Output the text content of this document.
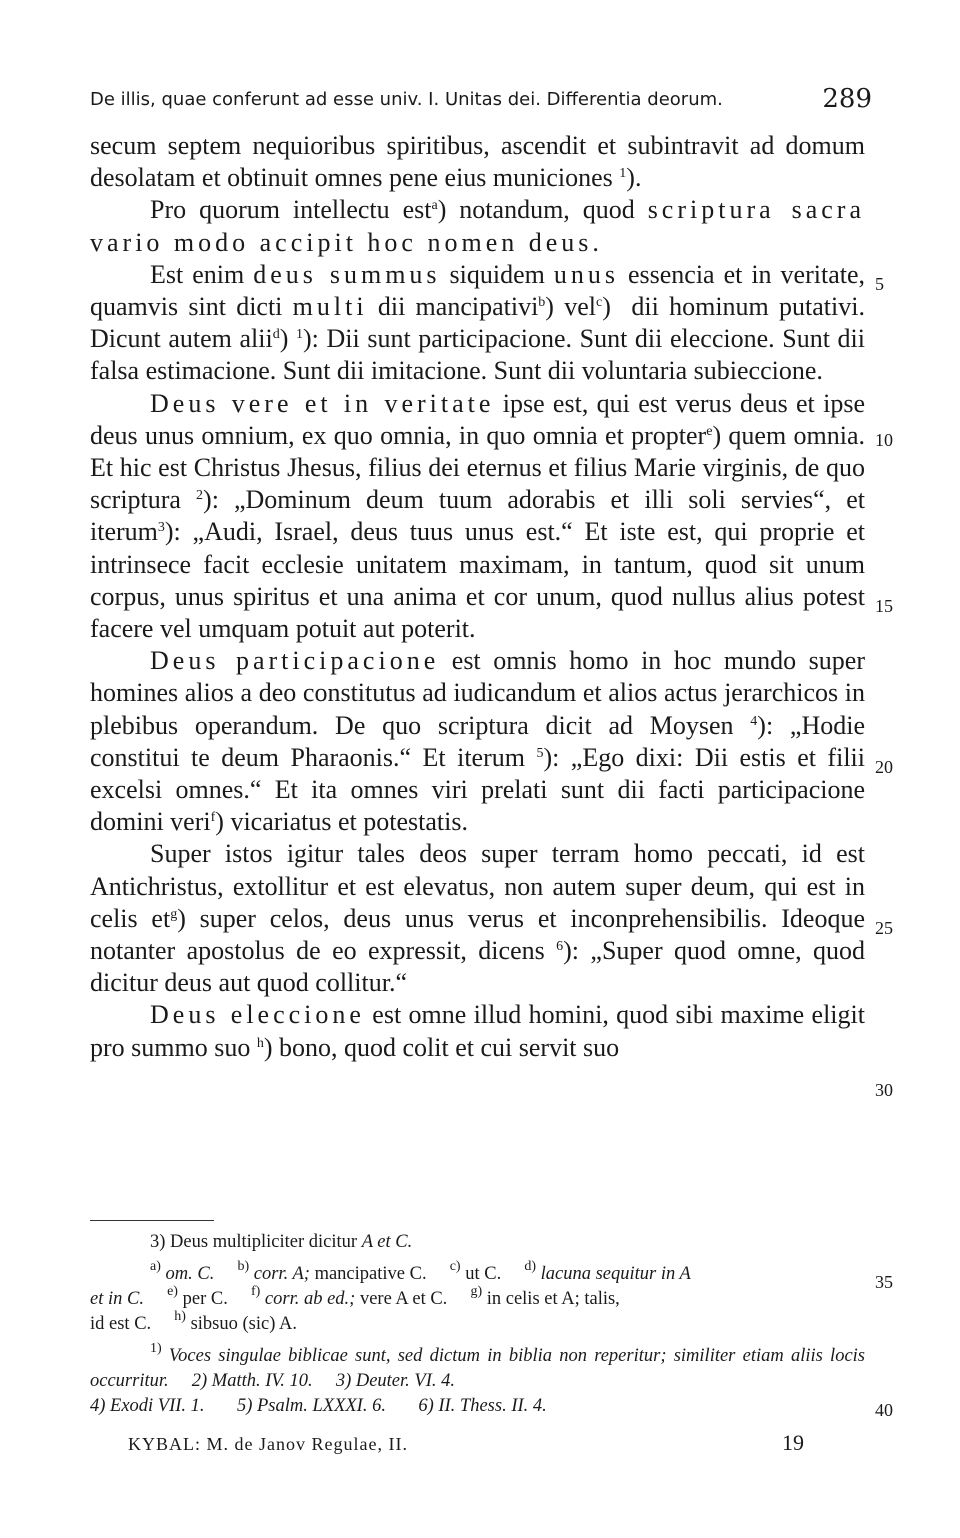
De illis, quae conferunt ad esse univ. I. Unitas dei. Differentia deorum.	289

secum septem nequioribus spiritibus, ascendit et subintravit ad domum desolatam et obtinuit omnes pene eius municiones $^1$).

Pro quorum intellectu est$^a$) notandum, quod scriptura sacra vario modo accipit hoc nomen deus.

Est enim deus summus siquidem unus essencia et in veritate, quamvis sint dicti multi dii mancipativi$^b$) vel$^c$)  dii hominum putativi. Dicunt autem alii$^d$) $^1$): Dii sunt participacione. Sunt dii eleccione. Sunt dii falsa estimacione. Sunt dii imitacione. Sunt dii voluntaria subieccione.

Deus vere et in veritate ipse est, qui est verus deus et ipse deus unus omnium, ex quo omnia, in quo omnia et propter$^e$) quem omnia. Et hic est Christus Jhesus, filius dei eternus et filius Marie virginis, de quo scriptura $^2$): „Dominum deum tuum adorabis et illi soli servies“, et iterum$^3$): „Audi, Israel, deus tuus unus est.“ Et iste est, qui proprie et intrinsece facit ecclesie unitatem maximam, in tantum, quod sit unum corpus, unus spiritus et una anima et cor unum, quod nullus alius potest facere vel umquam potuit aut poterit.

Deus participacione est omnis homo in hoc mundo super homines alios a deo constitutus ad iudicandum et alios actus jerarchicos in plebibus operandum. De quo scriptura dicit ad Moysen $^4$): „Hodie constitui te deum Pharaonis.“ Et iterum $^5$): „Ego dixi: Dii estis et filii excelsi omnes.“ Et ita omnes viri prelati sunt dii facti participacione domini veri$^f$) vicariatus et potestatis.

Super istos igitur tales deos super terram homo peccati, id est Antichristus, extollitur et est elevatus, non autem super deum, qui est in celis $et^g$) super celos, deus unus verus et inconprehensibilis. Ideoque notanter apostolus de eo expressit, dicens $^6$): „Super quod omne, quod dicitur deus aut quod collitur.“

Deus eleccione est omne illud homini, quod sibi maxime eligit pro summo suo $^h$) bono, quod colit et cui servit suo

5
10
15
20
25
30
35
40

3) Deus multipliciter dicitur A et C.

$^{a)}$ om. C. $^{b)}$ corr. A; mancipative C. $^{c)}$ ut C. $^{d)}$ lacuna sequitur in A

et in C. $^{e)}$ per C. $^{f)}$ corr. ab ed.; vere A et C. $^{g)}$ in celis et A; talis,

id est C. $^{h)}$ sibsuo (sic) A.

$^{1)}$ Voces singulae biblicae sunt, sed dictum in biblia non reperitur; similiter etiam aliis locis occurritur. 2) Matth. IV. 10. 3) Deuter. VI. 4.

4) Exodi VII. 1. 5) Psalm. LXXXI. 6. 6) II. Thess. II. 4.

KYBAL: M. de Janov Regulae, II.	19
